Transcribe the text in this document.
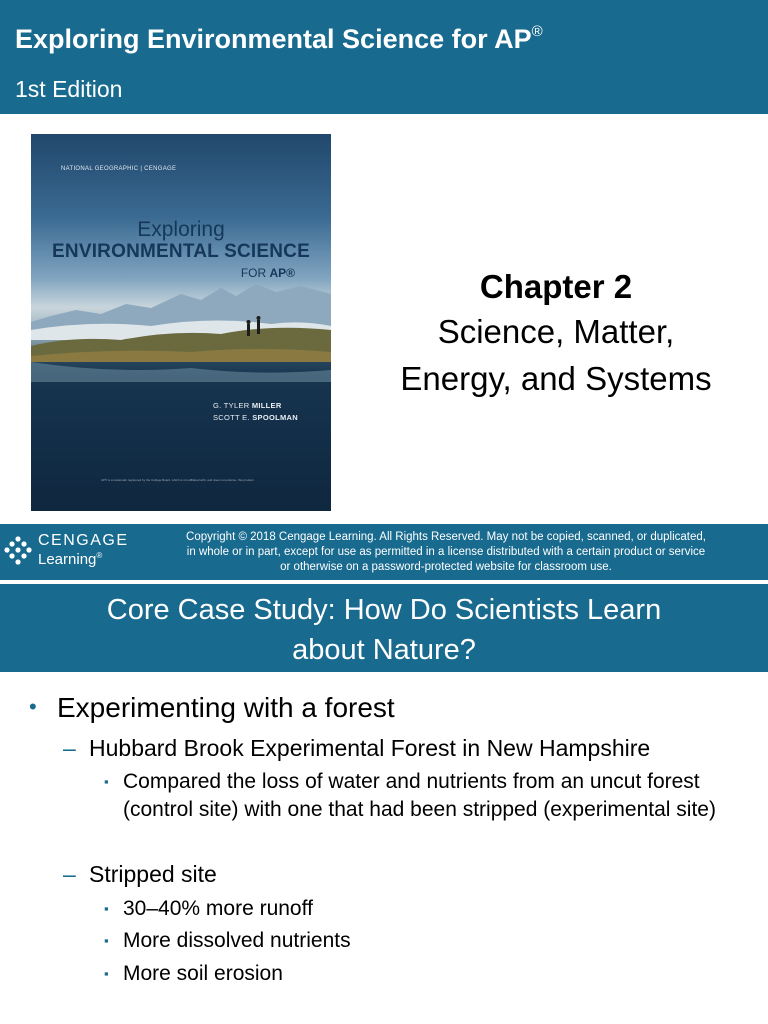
Exploring Environmental Science for AP®
1st Edition
NATIONAL GEOGRAPHIC | CENGAGE
Exploring
ENVIRONMENTAL SCIENCE
FOR AP®
G. TYLER MILLER
SCOTT E. SPOOLMAN
AP® is a trademark registered by the College Board, which is not affiliated with, and does not endorse, this product.
Chapter 2
Science, Matter,
Energy, and Systems
CENGAGE
Learning®
Copyright © 2018 Cengage Learning. All Rights Reserved. May not be copied, scanned, or duplicated,
in whole or in part, except for use as permitted in a license distributed with a certain product or service
or otherwise on a password-protected website for classroom use.
Core Case Study: How Do Scientists Learn
about Nature?
• Experimenting with a forest
– Hubbard Brook Experimental Forest in New Hampshire
▪ Compared the loss of water and nutrients from an uncut forest (control site) with one that had been stripped (experimental site)
– Stripped site
▪ 30–40% more runoff
▪ More dissolved nutrients
▪ More soil erosion
